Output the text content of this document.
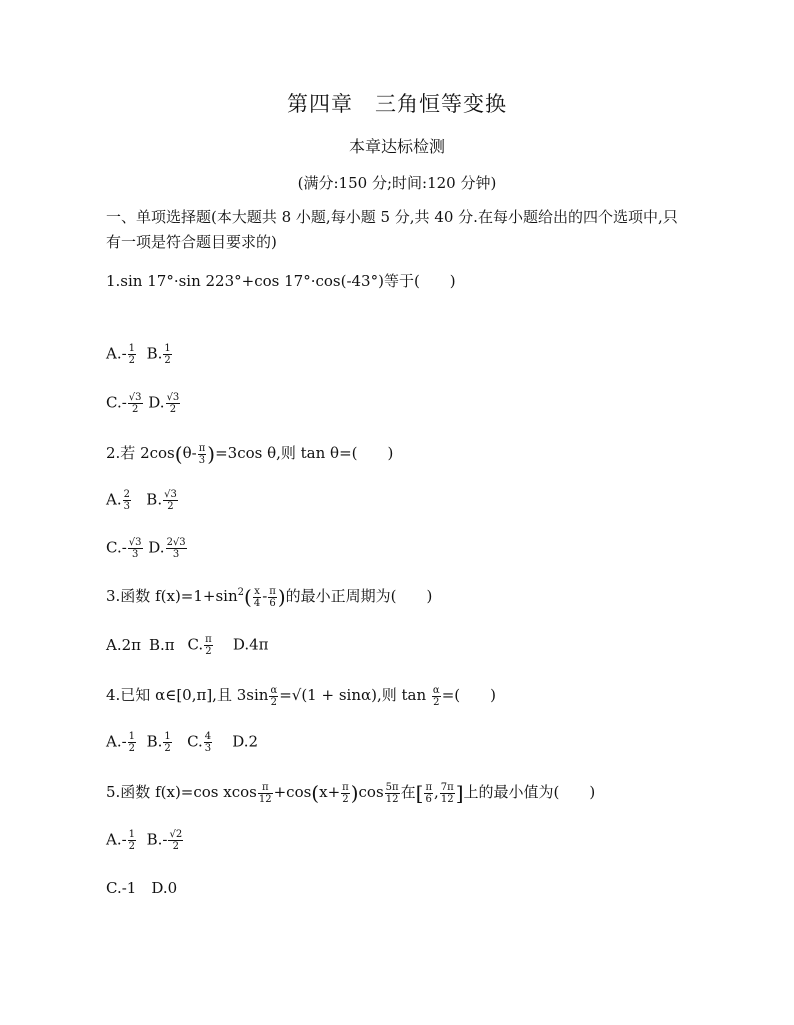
第四章　三角恒等变换
本章达标检测
(满分:150 分;时间:120 分钟)
一、单项选择题(本大题共 8 小题,每小题 5 分,共 40 分.在每小题给出的四个选项中,只有一项是符合题目要求的)
1.sin 17°·sin 223°+cos 17°·cos(-43°)等于(　　)
$A.- \frac{1}{2} B$. $\frac{1}{2}$
$C.- \frac{√3}{2} D$. $\frac{√3}{2}$
2.若 $2\cos(\theta- \frac{\pi}{3} )=3\cos$ θ,则 tan θ=(　　)
A. $\frac{2}{3} B$. $\frac{√3}{2}$
$C.- \frac{√3}{3} D$. $\frac{2√3}{3}$
3.函数 $f(x)=1+\sin^2( \frac{x}{4} - \frac{\pi}{6}$ )的最小正周期为(　　)
A.2π B.π C. $\frac{\pi}{2} D.4\pi$
4.已知 α∈[0,π],且 $3\sin \frac{\alpha}{2} =√(1 + \sin\alpha)$,则 $\tan \frac{\alpha}{2}$ =(　　)
$A.- \frac{1}{2} B$. $\frac{1}{2} C$. $\frac{4}{3} D.2$
5.函数 f(x)=cos xcos $\frac{\pi}{12} +\cos(x+ \frac{\pi}{2} )\cos \frac{5\pi}{12}$ 在[ $\frac{\pi}{6}$ , $\frac{7\pi}{12}$ ]上的最小值为(　　)
$A.- \frac{1}{2} B.- \frac{√2}{2}$
C.-1　D.0
